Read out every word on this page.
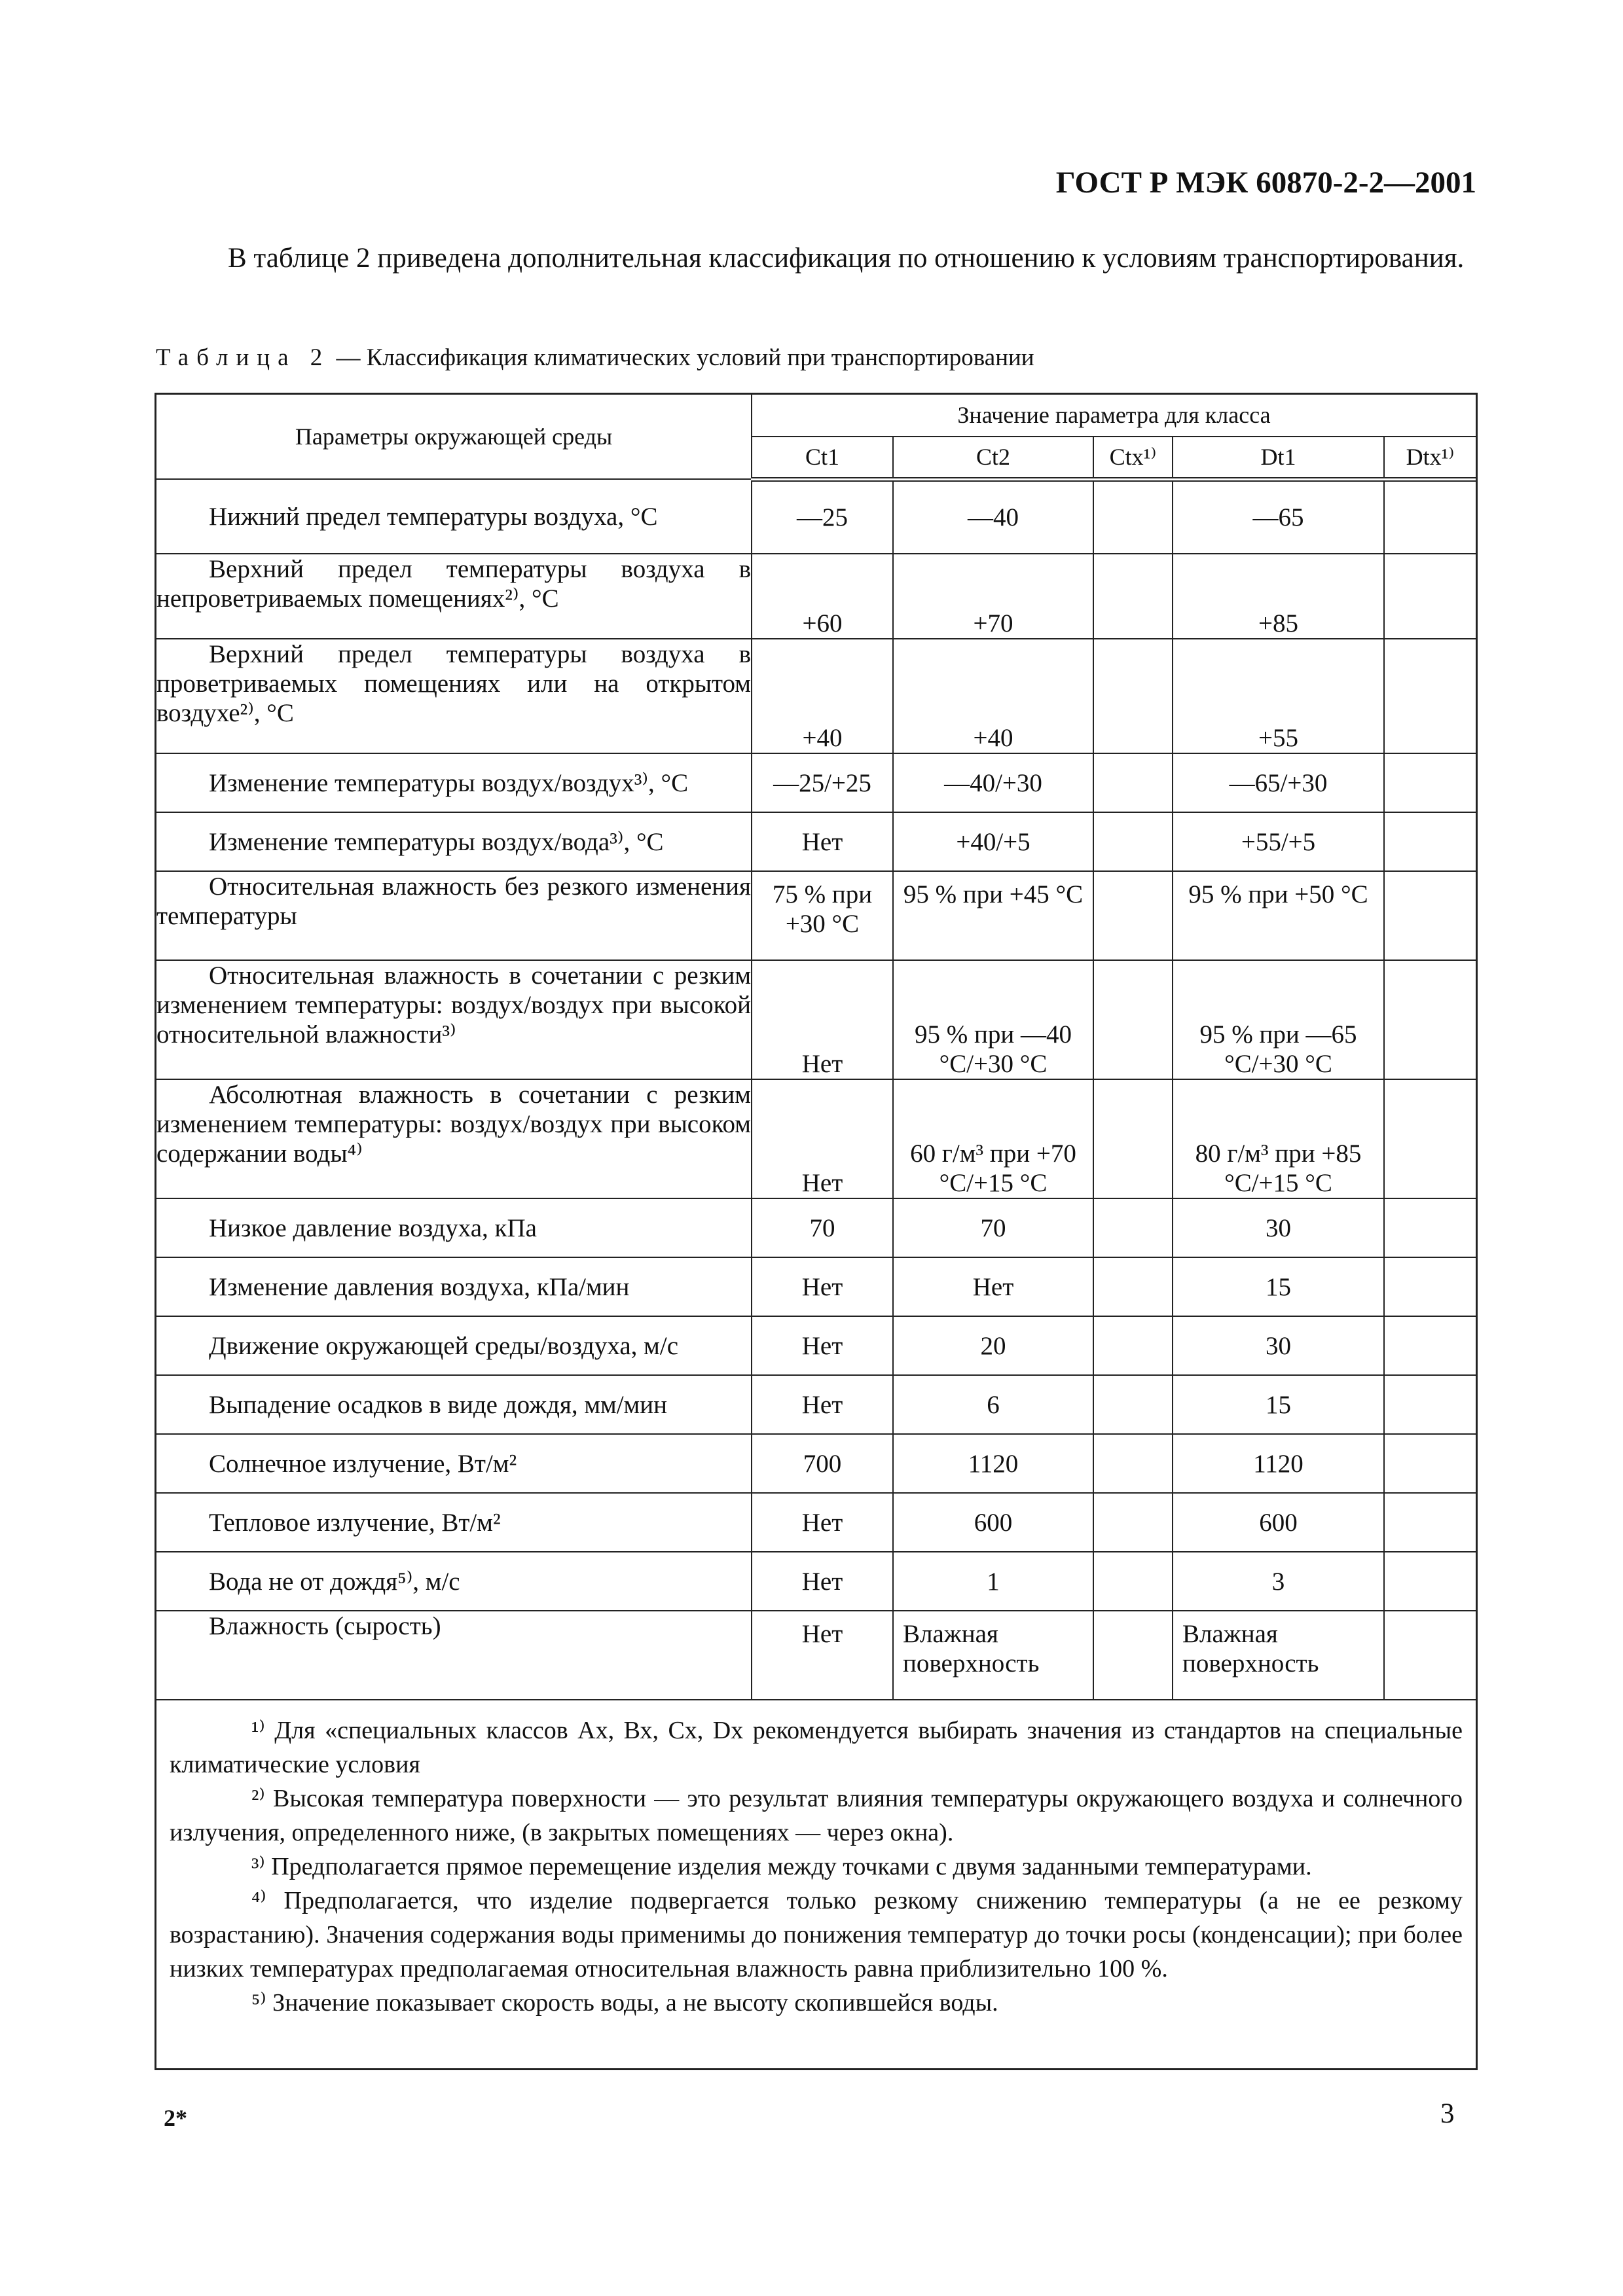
ГОСТ Р МЭК 60870-2-2—2001
В таблице 2 приведена дополнительная классификация по отношению к условиям транспортирования.
Таблица 2 — Классификация климатических условий при транспортировании
Параметры окружающей среды	Значение параметра для класса				
	Ct1	Ct2	Ctx¹⁾	Dt1	Dtx¹⁾
Нижний предел температуры воздуха, °С	—25	—40		—65	
Верхний предел температуры воздуха в непроветриваемых помещениях²⁾, °С	+60	+70		+85	
Верхний предел температуры воздуха в проветриваемых помещениях или на открытом воздухе²⁾, °С	+40	+40		+55	
Изменение температуры воздух/воздух³⁾, °С	—25/+25	—40/+30		—65/+30	
Изменение температуры воздух/вода³⁾, °С	Нет	+40/+5		+55/+5	
Относительная влажность без резкого изменения температуры	75 % при +30 °С	95 % при +45 °С		95 % при +50 °С	
Относительная влажность в сочетании с резким изменением температуры: воздух/воздух при высокой относительной влажности³⁾	Нет	95 % при —40 °С/+30 °С		95 % при —65 °С/+30 °С	
Абсолютная влажность в сочетании с резким изменением температуры: воздух/воздух при высоком содержании воды⁴⁾	Нет	60 г/м³ при +70 °С/+15 °С		80 г/м³ при +85 °С/+15 °С	
Низкое давление воздуха, кПа	70	70		30	
Изменение давления воздуха, кПа/мин	Нет	Нет		15	
Движение окружающей среды/воздуха, м/с	Нет	20		30	
Выпадение осадков в виде дождя, мм/мин	Нет	6		15	
Солнечное излучение, Вт/м²	700	1120		1120	
Тепловое излучение, Вт/м²	Нет	600		600	
Вода не от дождя⁵⁾, м/с	Нет	1		3	
Влажность (сырость)	Нет	Влажная поверхность		Влажная поверхность	

¹⁾ Для «специальных классов Ах, Вх, Сх, Dx рекомендуется выбирать значения из стандартов на специальные климатические условия

²⁾ Высокая температура поверхности — это результат влияния температуры окружающего воздуха и солнечного излучения, определенного ниже, (в закрытых помещениях — через окна).

³⁾ Предполагается прямое перемещение изделия между точками с двумя заданными температурами.

⁴⁾ Предполагается, что изделие подвергается только резкому снижению температуры (а не ее резкому возрастанию). Значения содержания воды применимы до понижения температур до точки росы (конденсации); при более низких температурах предполагаемая относительная влажность равна приблизительно 100 %.

⁵⁾ Значение показывает скорость воды, а не высоту скопившейся воды.

2*	3
